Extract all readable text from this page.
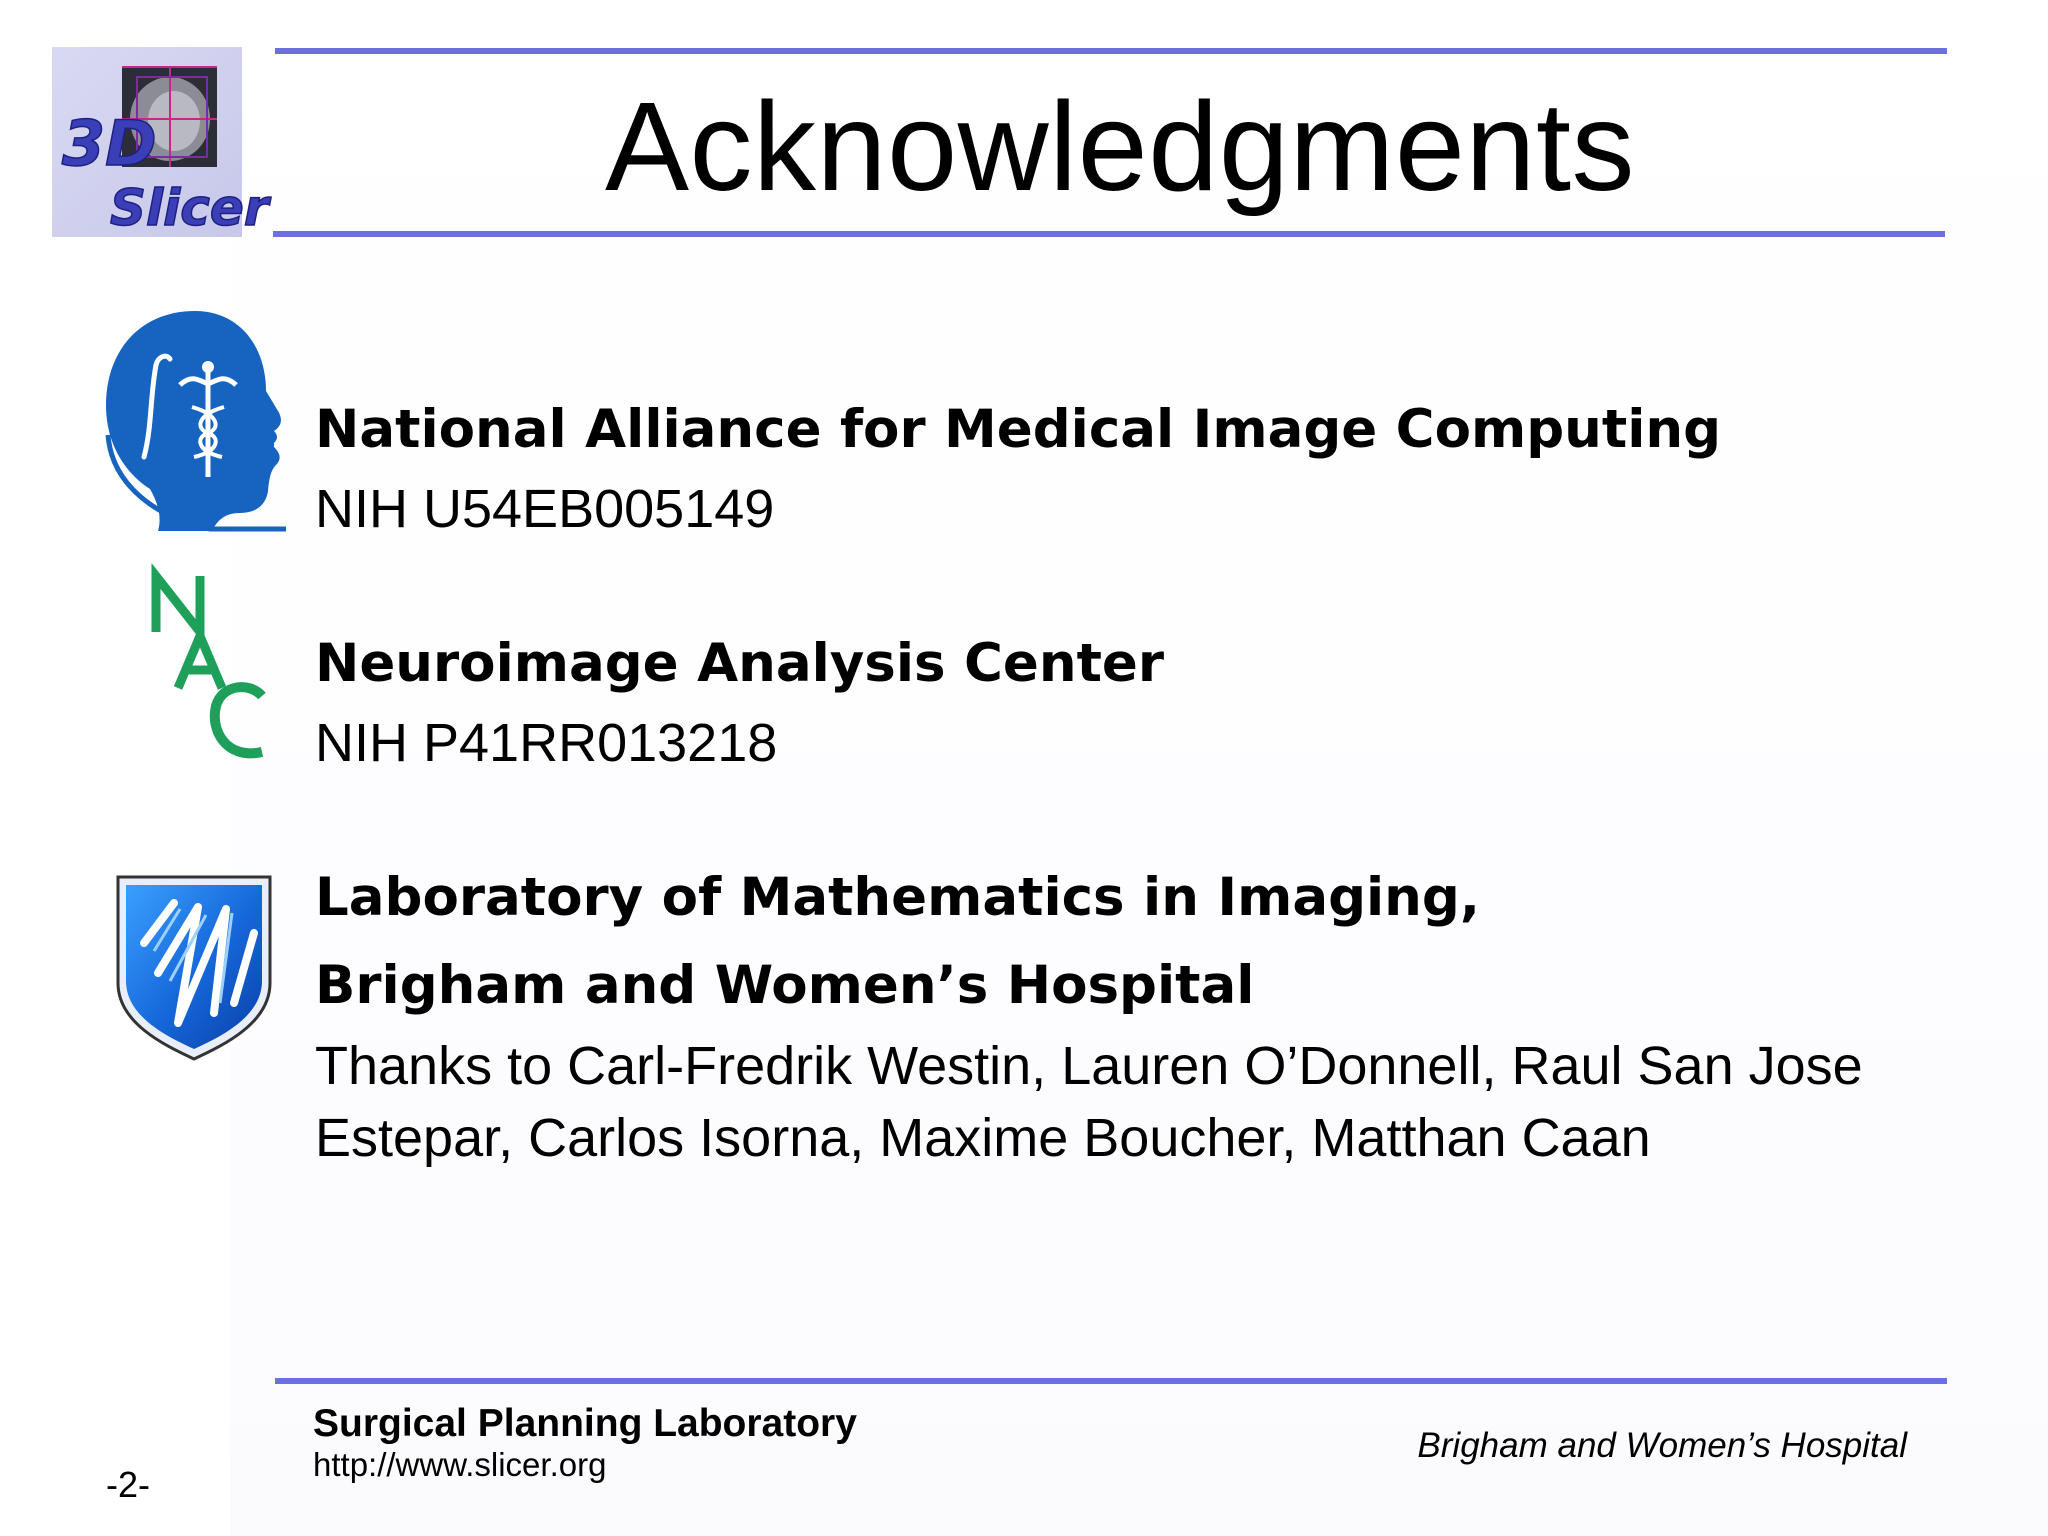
3D
Slicer	Acknowledgments
National Alliance for Medical Image Computing
NIH U54EB005149
Neuroimage Analysis Center
NIH P41RR013218
Laboratory of Mathematics in Imaging,
Brigham and Women’s Hospital
Thanks to Carl-Fredrik Westin, Lauren O’Donnell, Raul San Jose Estepar, Carlos Isorna, Maxime Boucher, Matthan Caan
Surgical Planning Laboratory
http://www.slicer.org	Brigham and Women’s Hospital
-2-
